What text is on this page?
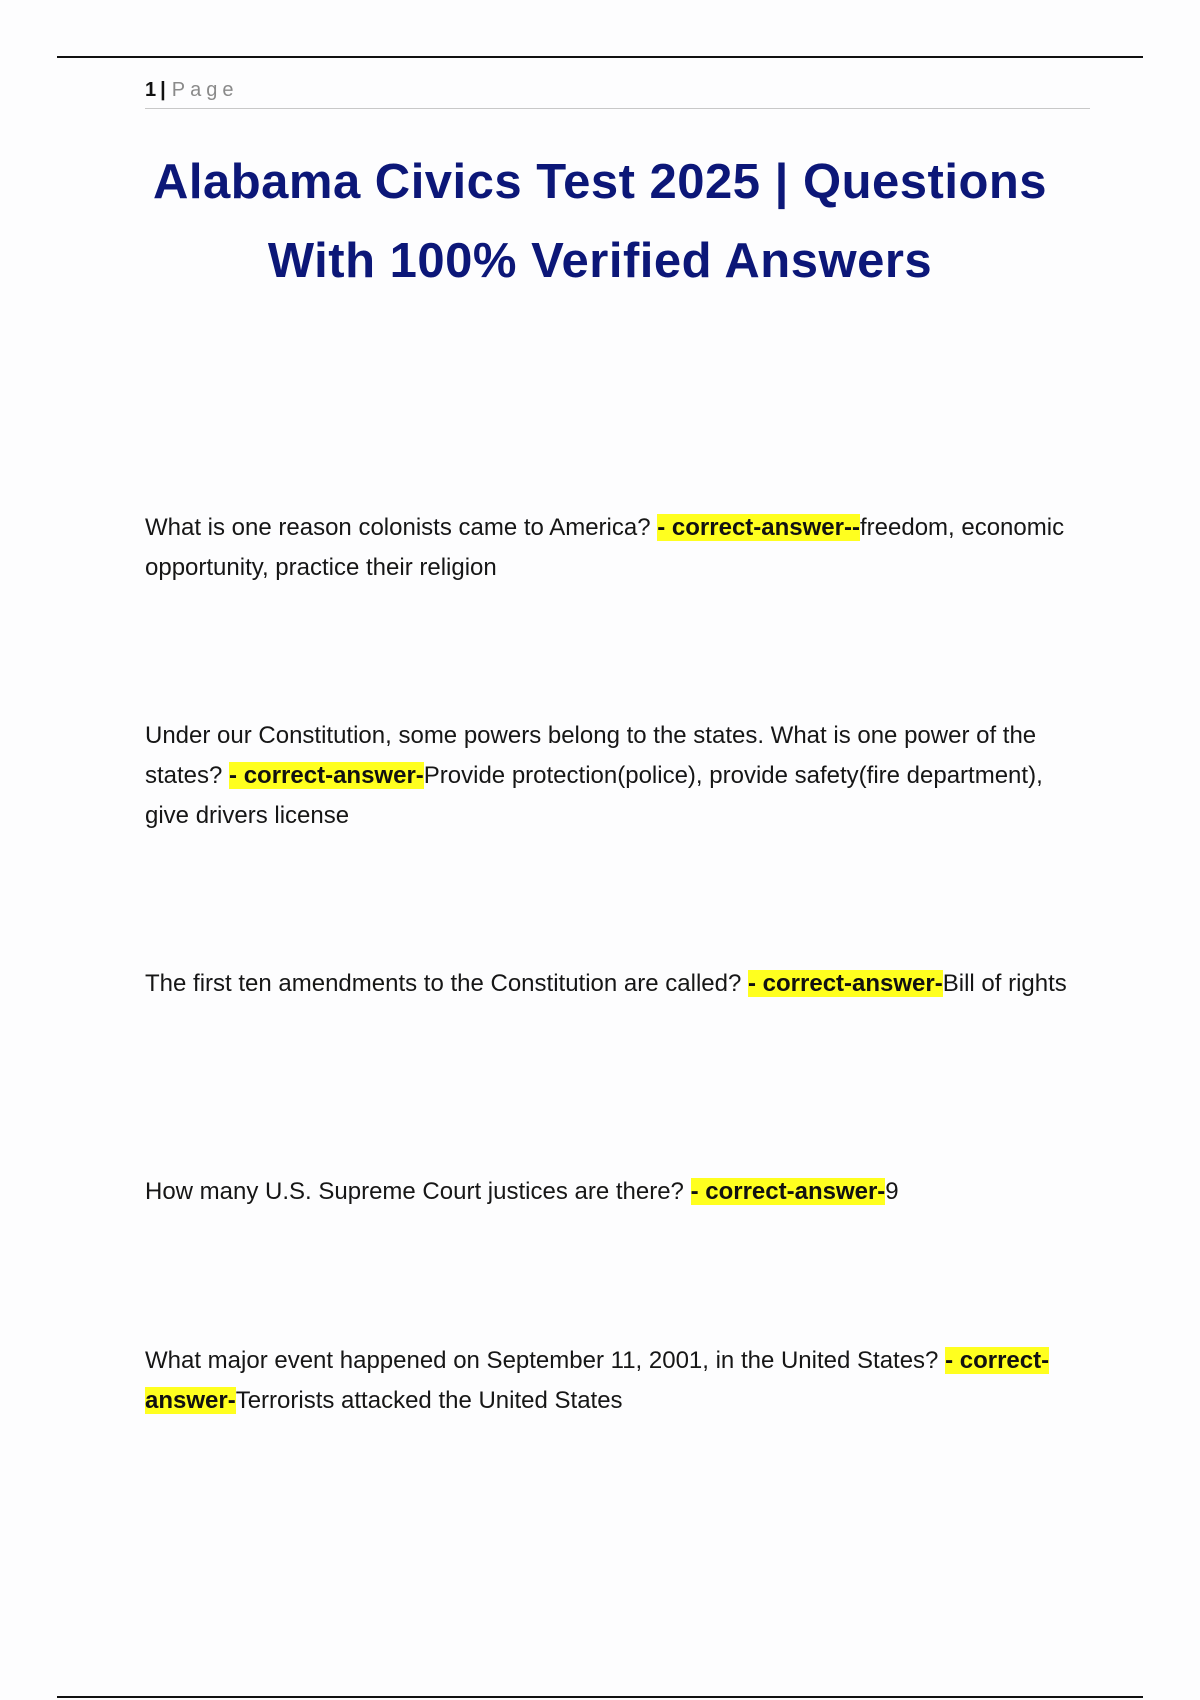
1 | Page
Alabama Civics Test 2025 | Questions With 100% Verified Answers

What is one reason colonists came to America? - correct-answer--freedom, economic opportunity, practice their religion

Under our Constitution, some powers belong to the states. What is one power of the states? - correct-answer-Provide protection(police), provide safety(fire department), give drivers license

The first ten amendments to the Constitution are called? - correct-answer-Bill of rights

How many U.S. Supreme Court justices are there? - correct-answer-9

What major event happened on September 11, 2001, in the United States? - correct-answer-Terrorists attacked the United States
